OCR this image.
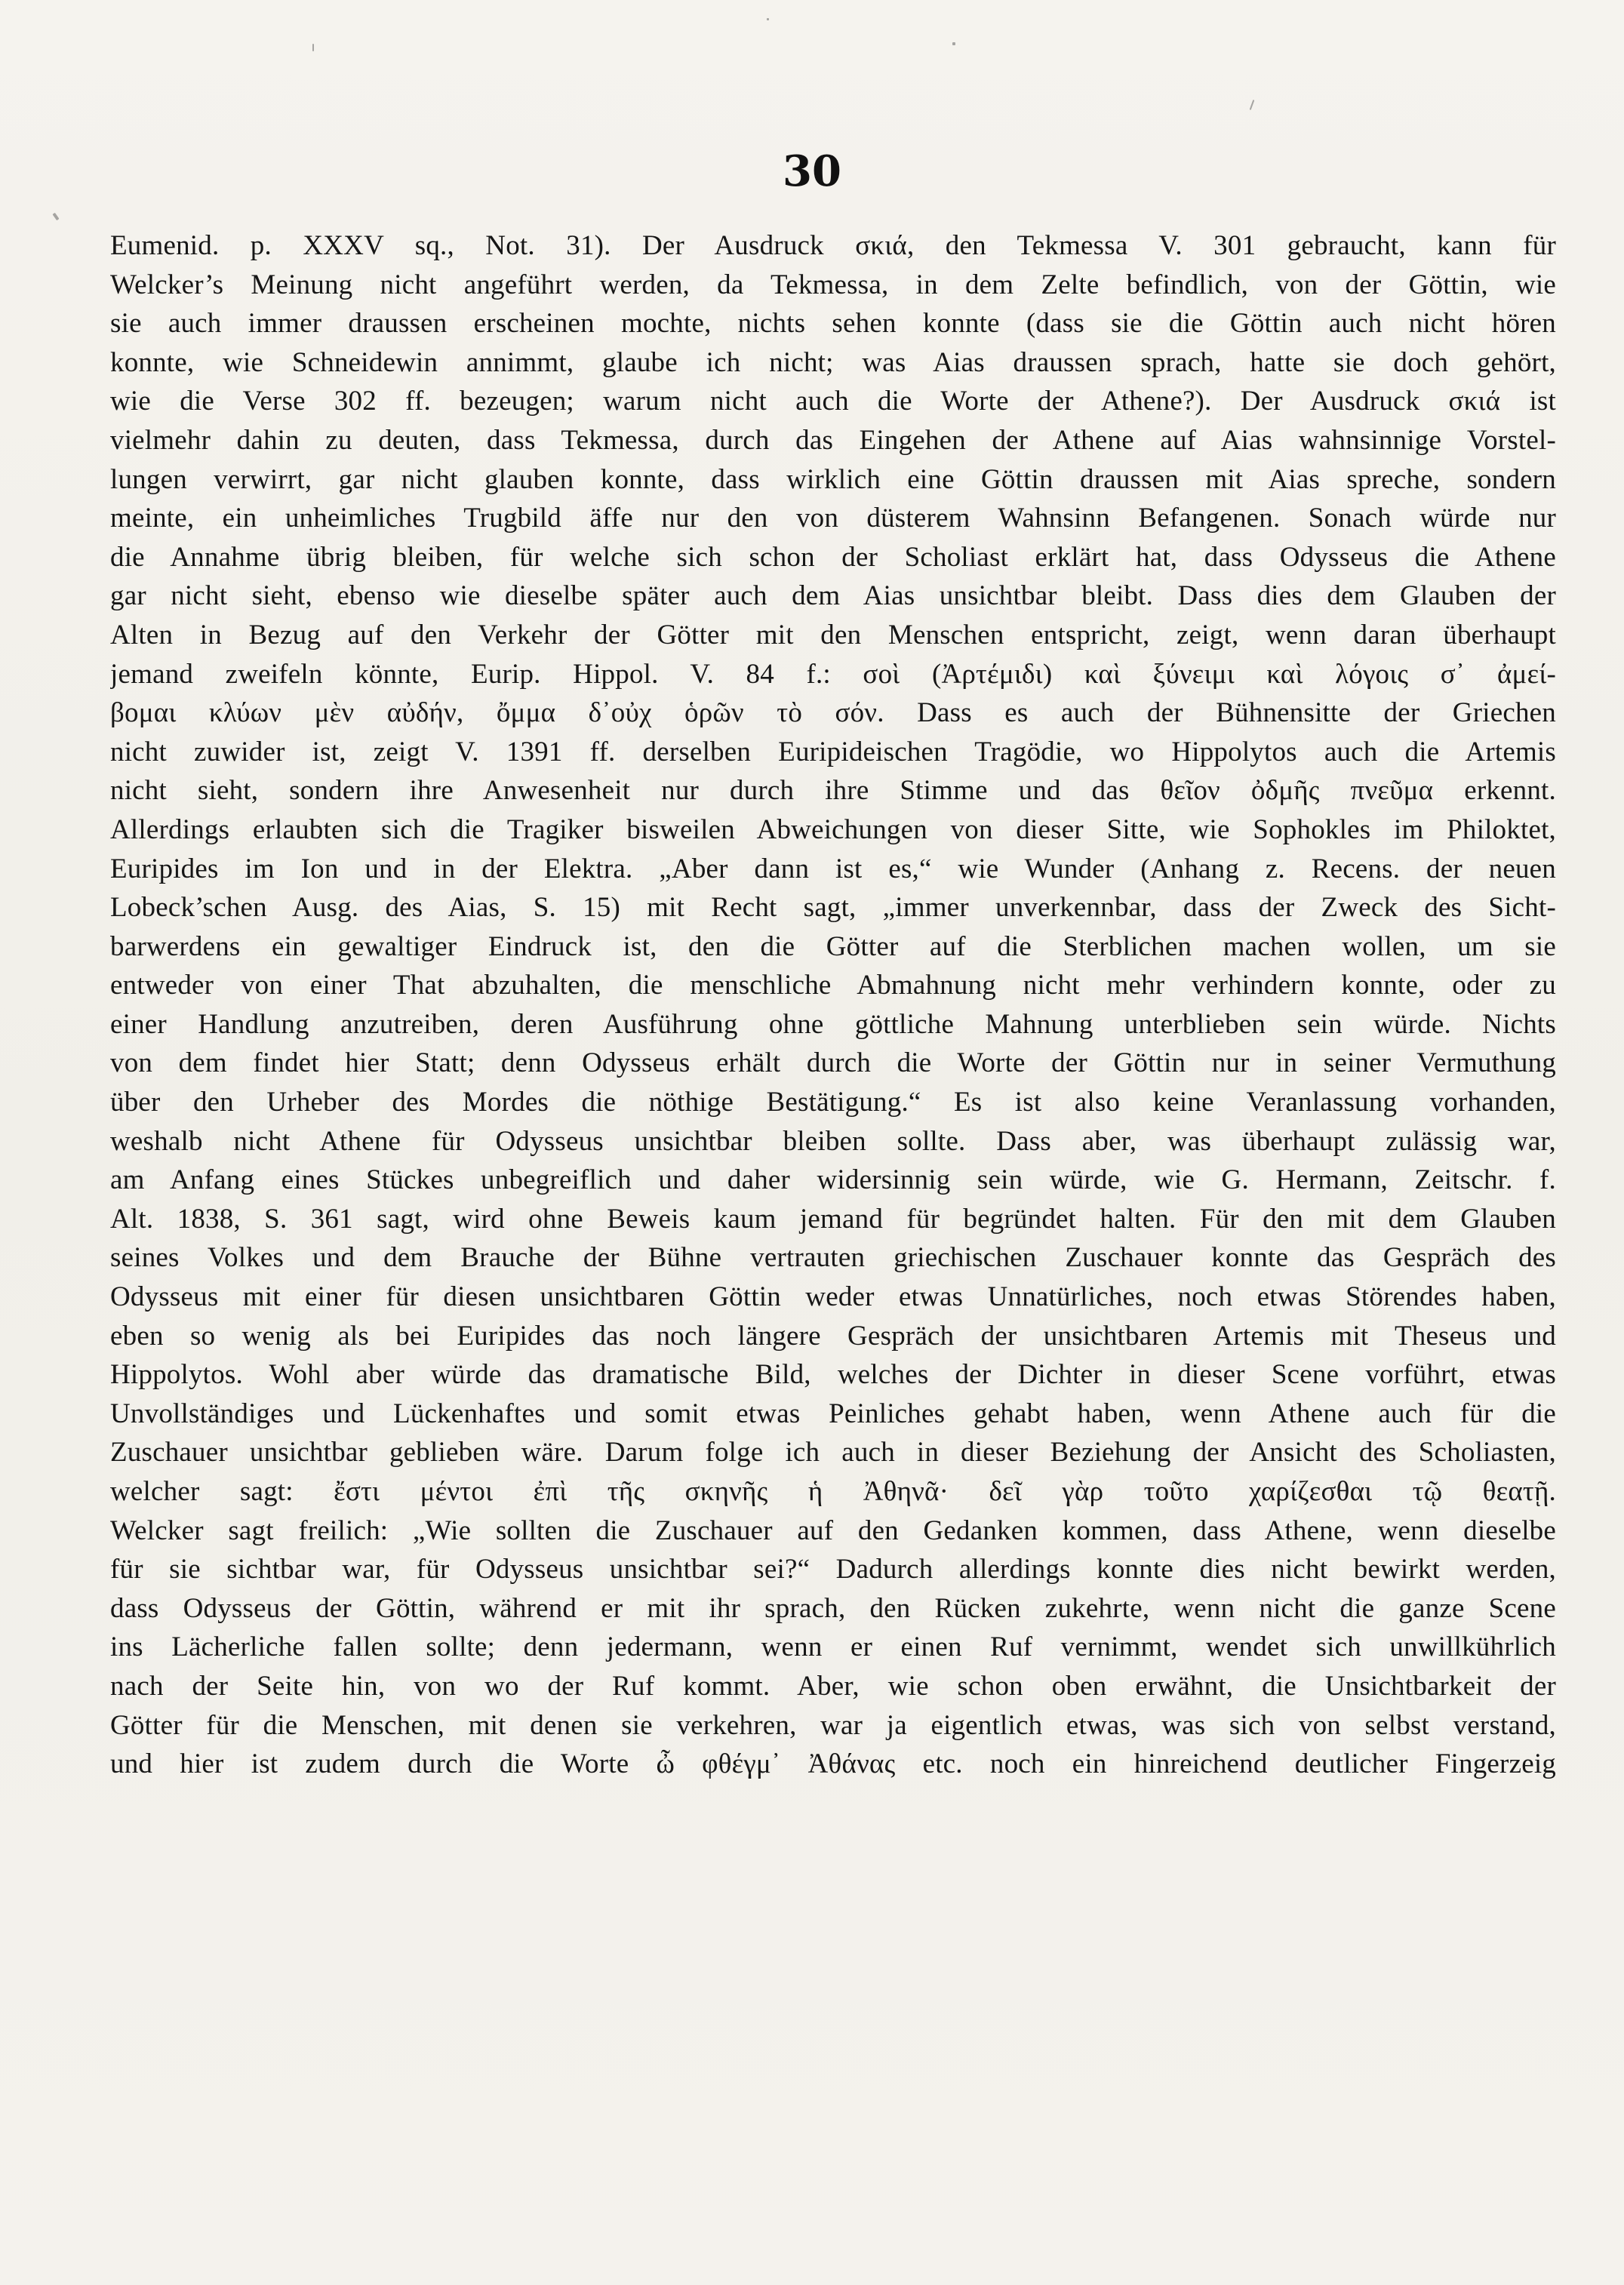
30
Eumenid. p. XXXV sq., Not. 31). Der Ausdruck σκιά, den Tekmessa V. 301 gebraucht, kann für
Welcker’s Meinung nicht angeführt werden, da Tekmessa, in dem Zelte befindlich, von der Göttin, wie
sie auch immer draussen erscheinen mochte, nichts sehen konnte (dass sie die Göttin auch nicht hören
konnte, wie Schneidewin annimmt, glaube ich nicht; was Aias draussen sprach, hatte sie doch gehört,
wie die Verse 302 ff. bezeugen; warum nicht auch die Worte der Athene?). Der Ausdruck σκιά ist
vielmehr dahin zu deuten, dass Tekmessa, durch das Eingehen der Athene auf Aias wahnsinnige Vorstel-
lungen verwirrt, gar nicht glauben konnte, dass wirklich eine Göttin draussen mit Aias spreche, sondern
meinte, ein unheimliches Trugbild äffe nur den von düsterem Wahnsinn Befangenen. Sonach würde nur
die Annahme übrig bleiben, für welche sich schon der Scholiast erklärt hat, dass Odysseus die Athene
gar nicht sieht, ebenso wie dieselbe später auch dem Aias unsichtbar bleibt. Dass dies dem Glauben der
Alten in Bezug auf den Verkehr der Götter mit den Menschen entspricht, zeigt, wenn daran überhaupt
jemand zweifeln könnte, Eurip. Hippol. V. 84 f.: σοὶ (Ἀρτέμιδι) καὶ ξύνειμι καὶ λόγοις σ᾽ ἀμεί-
βομαι κλύων μὲν αὐδήν, ὄμμα δ᾽οὐχ ὁρῶν τὸ σόν. Dass es auch der Bühnensitte der Griechen
nicht zuwider ist, zeigt V. 1391 ff. derselben Euripideischen Tragödie, wo Hippolytos auch die Artemis
nicht sieht, sondern ihre Anwesenheit nur durch ihre Stimme und das θεῖον ὀδμῆς πνεῦμα erkennt.
Allerdings erlaubten sich die Tragiker bisweilen Abweichungen von dieser Sitte, wie Sophokles im Philoktet,
Euripides im Ion und in der Elektra. „Aber dann ist es,“ wie Wunder (Anhang z. Recens. der neuen
Lobeck’schen Ausg. des Aias, S. 15) mit Recht sagt, „immer unverkennbar, dass der Zweck des Sicht-
barwerdens ein gewaltiger Eindruck ist, den die Götter auf die Sterblichen machen wollen, um sie
entweder von einer That abzuhalten, die menschliche Abmahnung nicht mehr verhindern konnte, oder zu
einer Handlung anzutreiben, deren Ausführung ohne göttliche Mahnung unterblieben sein würde. Nichts
von dem findet hier Statt; denn Odysseus erhält durch die Worte der Göttin nur in seiner Vermuthung
über den Urheber des Mordes die nöthige Bestätigung.“ Es ist also keine Veranlassung vorhanden,
weshalb nicht Athene für Odysseus unsichtbar bleiben sollte. Dass aber, was überhaupt zulässig war,
am Anfang eines Stückes unbegreiflich und daher widersinnig sein würde, wie G. Hermann, Zeitschr. f.
Alt. 1838, S. 361 sagt, wird ohne Beweis kaum jemand für begründet halten. Für den mit dem Glauben
seines Volkes und dem Brauche der Bühne vertrauten griechischen Zuschauer konnte das Gespräch des
Odysseus mit einer für diesen unsichtbaren Göttin weder etwas Unnatürliches, noch etwas Störendes haben,
eben so wenig als bei Euripides das noch längere Gespräch der unsichtbaren Artemis mit Theseus und
Hippolytos. Wohl aber würde das dramatische Bild, welches der Dichter in dieser Scene vorführt, etwas
Unvollständiges und Lückenhaftes und somit etwas Peinliches gehabt haben, wenn Athene auch für die
Zuschauer unsichtbar geblieben wäre. Darum folge ich auch in dieser Beziehung der Ansicht des Scholiasten,
welcher sagt: ἔστι μέντοι ἐπὶ τῆς σκηνῆς ἡ Ἀθηνᾶ· δεῖ γὰρ τοῦτο χαρίζεσθαι τῷ θεατῇ.
Welcker sagt freilich: „Wie sollten die Zuschauer auf den Gedanken kommen, dass Athene, wenn dieselbe
für sie sichtbar war, für Odysseus unsichtbar sei?“ Dadurch allerdings konnte dies nicht bewirkt werden,
dass Odysseus der Göttin, während er mit ihr sprach, den Rücken zukehrte, wenn nicht die ganze Scene
ins Lächerliche fallen sollte; denn jedermann, wenn er einen Ruf vernimmt, wendet sich unwillkührlich
nach der Seite hin, von wo der Ruf kommt. Aber, wie schon oben erwähnt, die Unsichtbarkeit der
Götter für die Menschen, mit denen sie verkehren, war ja eigentlich etwas, was sich von selbst verstand,
und hier ist zudem durch die Worte ὦ φθέγμ᾽ Ἀθάνας etc. noch ein hinreichend deutlicher Fingerzeig
